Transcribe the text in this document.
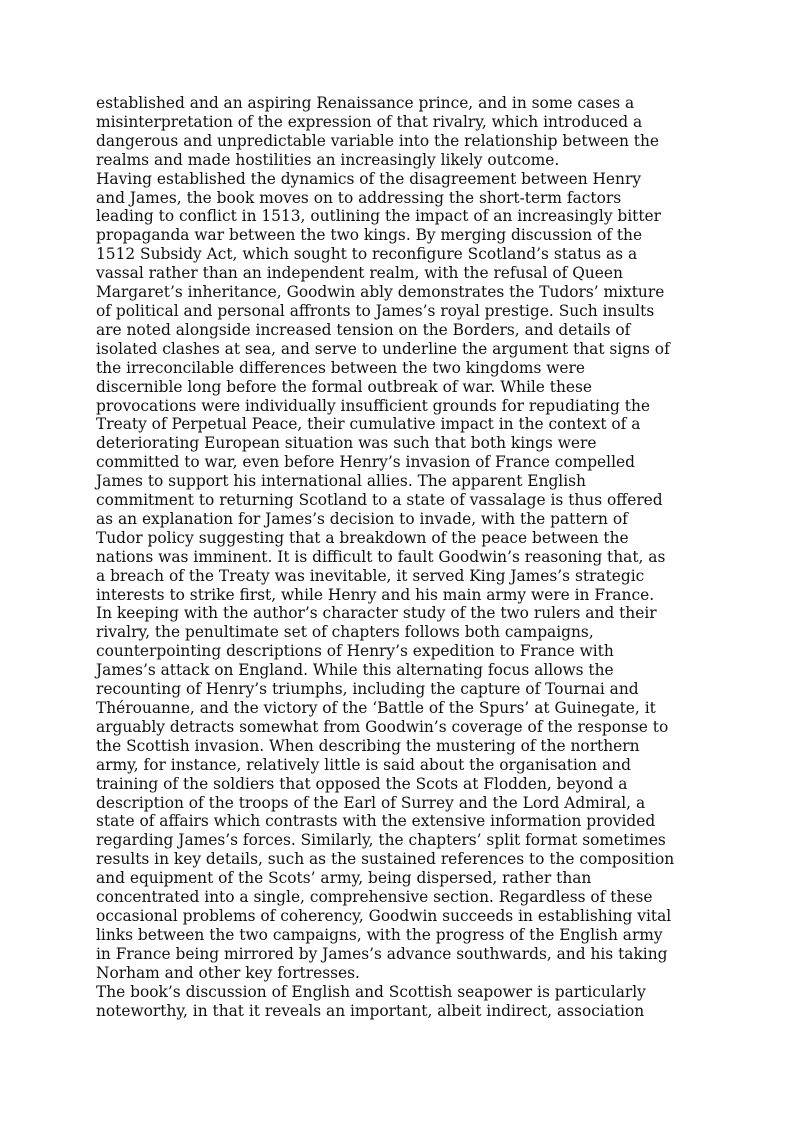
established and an aspiring Renaissance prince, and in some cases a
misinterpretation of the expression of that rivalry, which introduced a
dangerous and unpredictable variable into the relationship between the
realms and made hostilities an increasingly likely outcome.

Having established the dynamics of the disagreement between Henry
and James, the book moves on to addressing the short-term factors
leading to conflict in 1513, outlining the impact of an increasingly bitter
propaganda war between the two kings. By merging discussion of the
1512 Subsidy Act, which sought to reconfigure Scotland’s status as a
vassal rather than an independent realm, with the refusal of Queen
Margaret’s inheritance, Goodwin ably demonstrates the Tudors’ mixture
of political and personal affronts to James’s royal prestige. Such insults
are noted alongside increased tension on the Borders, and details of
isolated clashes at sea, and serve to underline the argument that signs of
the irreconcilable differences between the two kingdoms were
discernible long before the formal outbreak of war. While these
provocations were individually insufficient grounds for repudiating the
Treaty of Perpetual Peace, their cumulative impact in the context of a
deteriorating European situation was such that both kings were
committed to war, even before Henry’s invasion of France compelled
James to support his international allies. The apparent English
commitment to returning Scotland to a state of vassalage is thus offered
as an explanation for James’s decision to invade, with the pattern of
Tudor policy suggesting that a breakdown of the peace between the
nations was imminent. It is difficult to fault Goodwin’s reasoning that, as
a breach of the Treaty was inevitable, it served King James’s strategic
interests to strike first, while Henry and his main army were in France.

In keeping with the author’s character study of the two rulers and their
rivalry, the penultimate set of chapters follows both campaigns,
counterpointing descriptions of Henry’s expedition to France with
James’s attack on England. While this alternating focus allows the
recounting of Henry’s triumphs, including the capture of Tournai and
Thérouanne, and the victory of the ‘Battle of the Spurs’ at Guinegate, it
arguably detracts somewhat from Goodwin’s coverage of the response to
the Scottish invasion. When describing the mustering of the northern
army, for instance, relatively little is said about the organisation and
training of the soldiers that opposed the Scots at Flodden, beyond a
description of the troops of the Earl of Surrey and the Lord Admiral, a
state of affairs which contrasts with the extensive information provided
regarding James’s forces. Similarly, the chapters’ split format sometimes
results in key details, such as the sustained references to the composition
and equipment of the Scots’ army, being dispersed, rather than
concentrated into a single, comprehensive section. Regardless of these
occasional problems of coherency, Goodwin succeeds in establishing vital
links between the two campaigns, with the progress of the English army
in France being mirrored by James’s advance southwards, and his taking
Norham and other key fortresses.

The book’s discussion of English and Scottish seapower is particularly
noteworthy, in that it reveals an important, albeit indirect, association
